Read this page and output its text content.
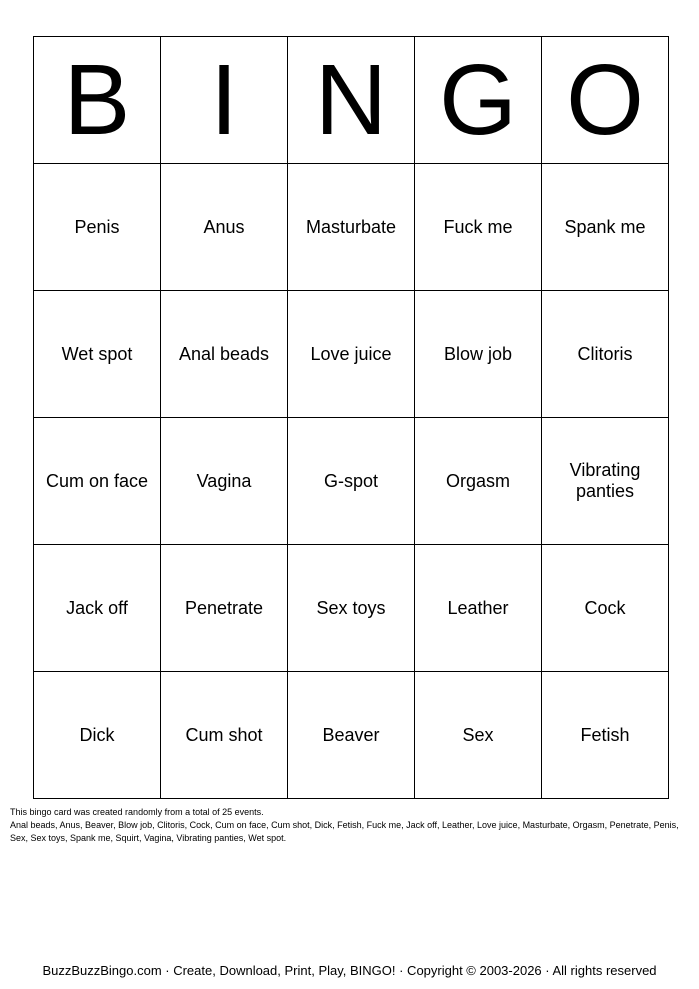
B	I	N	G	O
Penis	Anus	Masturbate	Fuck me	Spank me
Wet spot	Anal beads	Love juice	Blow job	Clitoris
Cum on face	Vagina	G-spot	Orgasm	Vibrating panties
Jack off	Penetrate	Sex toys	Leather	Cock
Dick	Cum shot	Beaver	Sex	Fetish
This bingo card was created randomly from a total of 25 events.
Anal beads, Anus, Beaver, Blow job, Clitoris, Cock, Cum on face, Cum shot, Dick, Fetish, Fuck me, Jack off, Leather, Love juice, Masturbate, Orgasm, Penetrate, Penis, Sex, Sex toys, Spank me, Squirt, Vagina, Vibrating panties, Wet spot.
BuzzBuzzBingo.com · Create, Download, Print, Play, BINGO! · Copyright © 2003-2026 · All rights reserved
